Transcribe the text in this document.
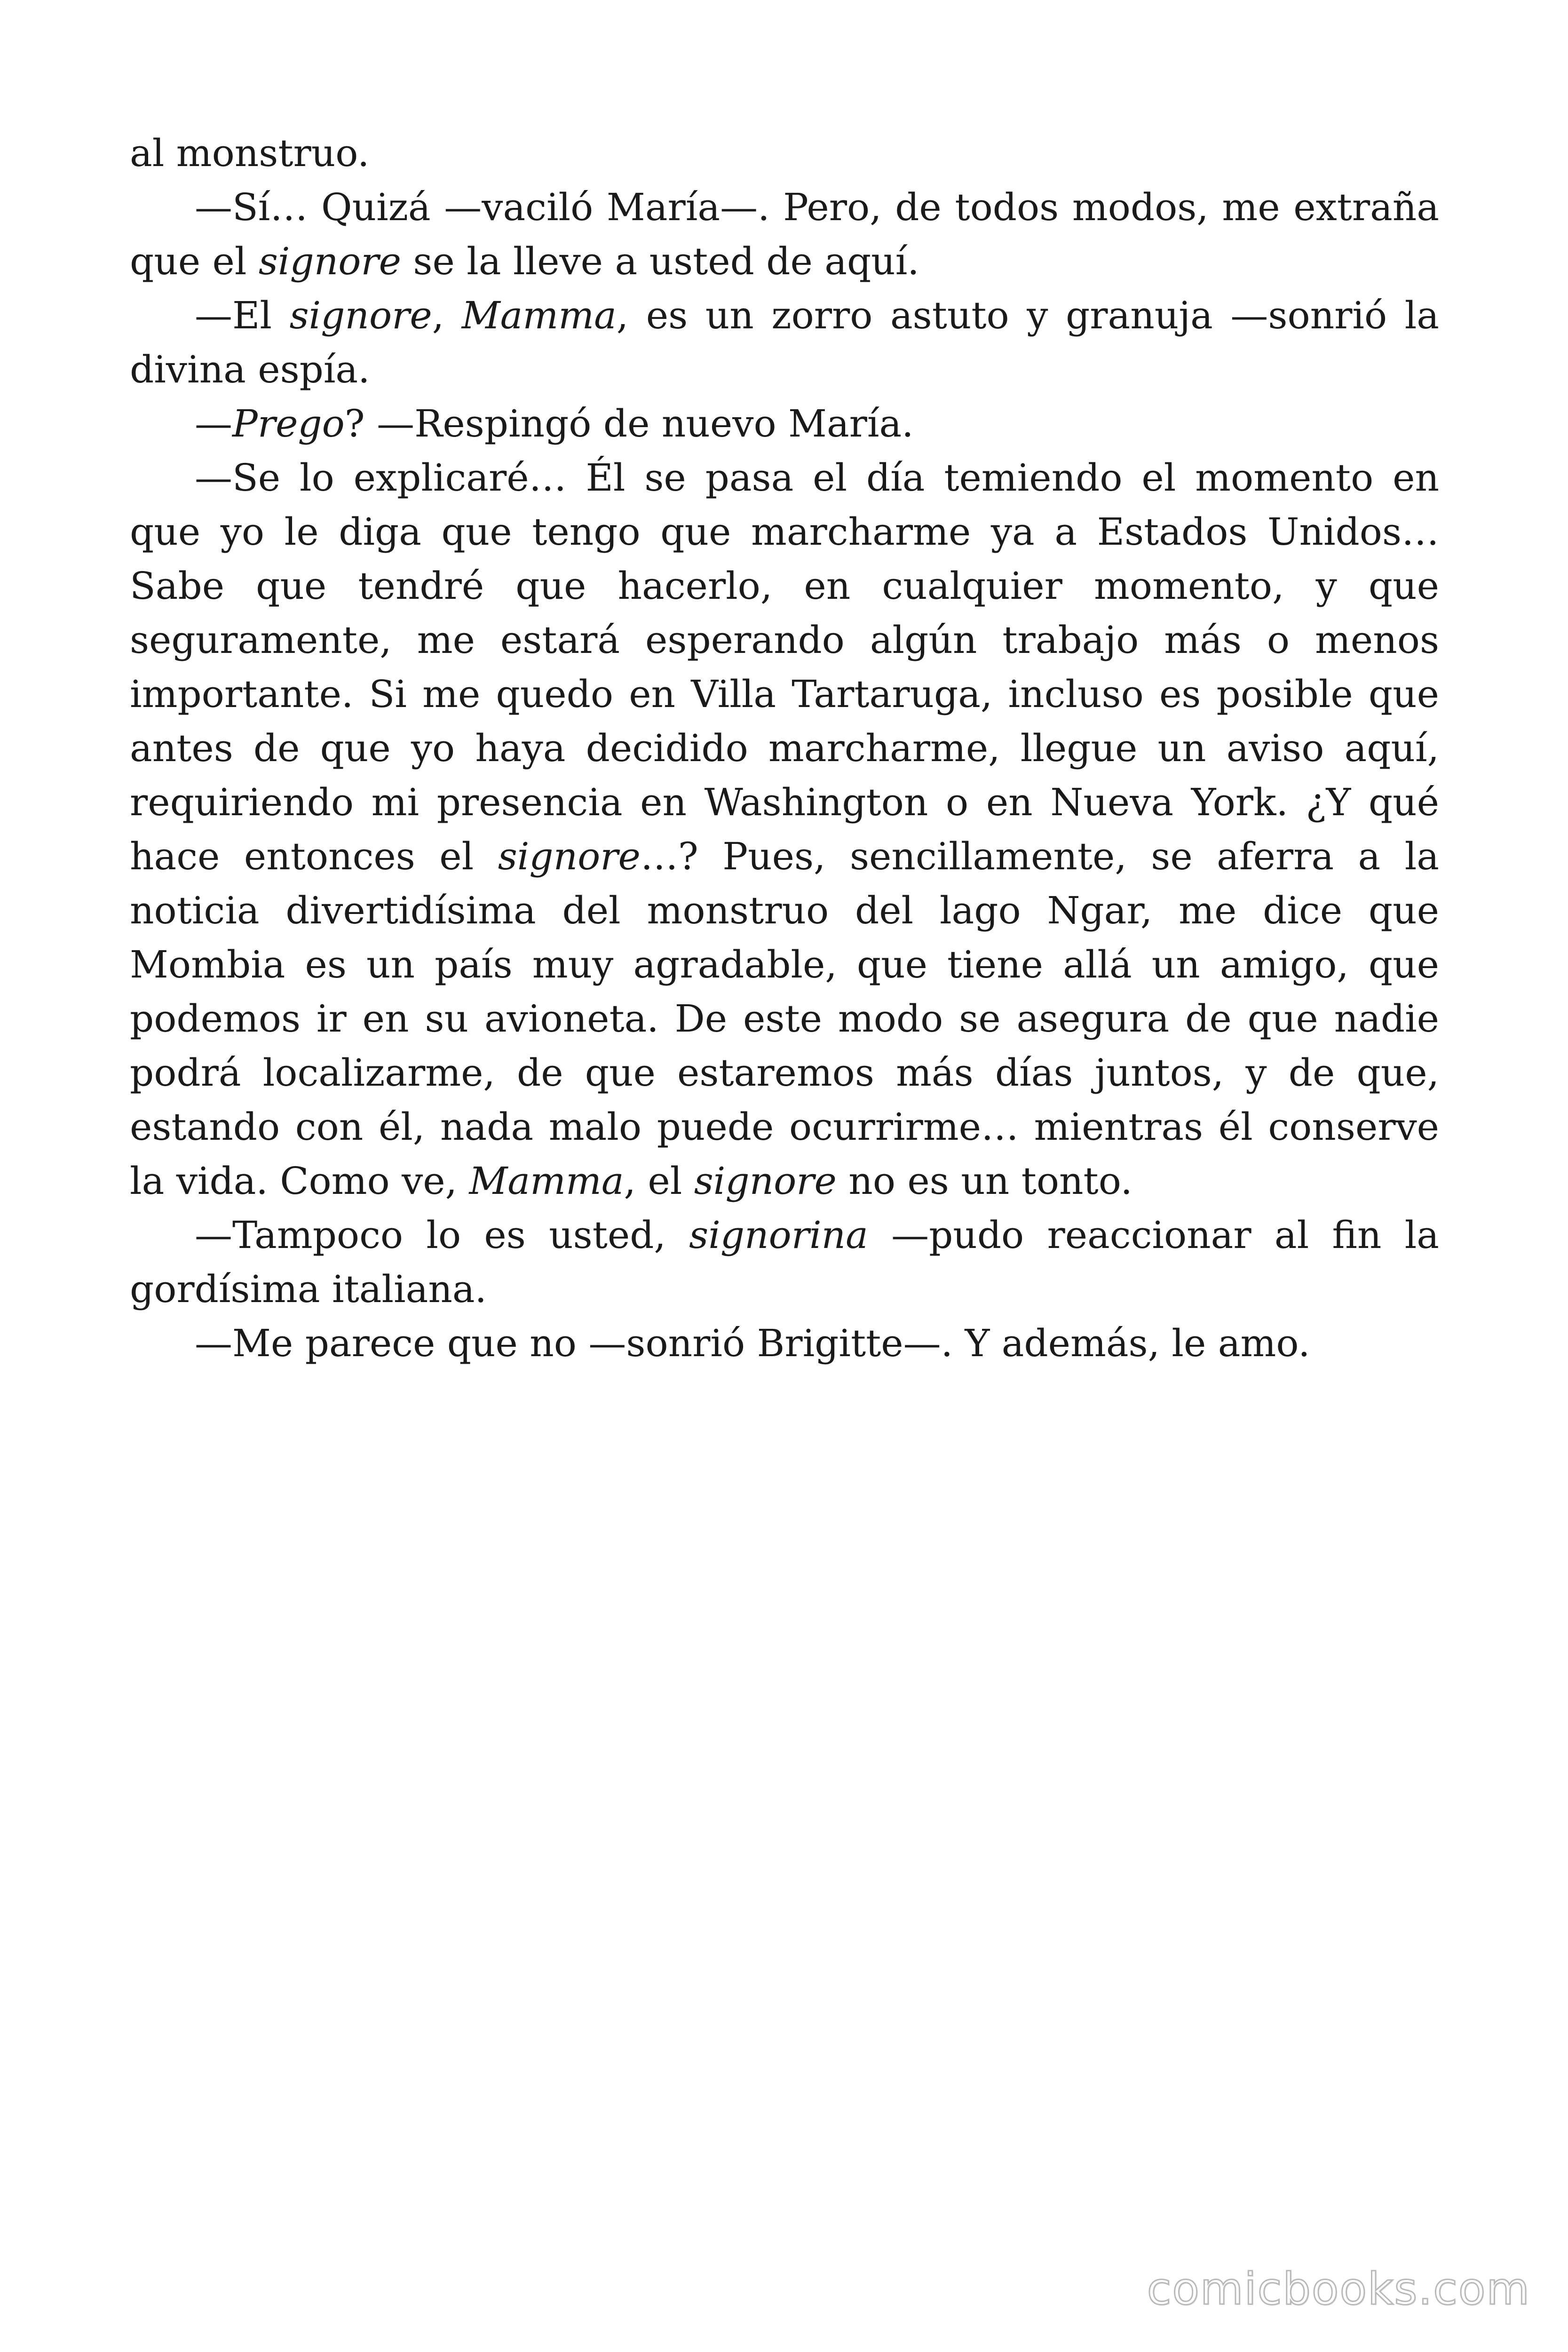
al monstruo.

—Sí… Quizá —vaciló María—. Pero, de todos modos, me extraña que el signore se la lleve a usted de aquí.

—El signore, Mamma, es un zorro astuto y granuja —sonrió la divina espía.

—Prego? —Respingó de nuevo María.

—Se lo explicaré… Él se pasa el día temiendo el momento en que yo le diga que tengo que marcharme ya a Estados Unidos… Sabe que tendré que hacerlo, en cualquier momento, y que seguramente, me estará esperando algún trabajo más o menos importante. Si me quedo en Villa Tartaruga, incluso es posible que antes de que yo haya decidido marcharme, llegue un aviso aquí, requiriendo mi presencia en Washington o en Nueva York. ¿Y qué hace entonces el signore…? Pues, sencillamente, se aferra a la noticia divertidísima del monstruo del lago Ngar, me dice que Mombia es un país muy agradable, que tiene allá un amigo, que podemos ir en su avioneta. De este modo se asegura de que nadie podrá localizarme, de que estaremos más días juntos, y de que, estando con él, nada malo puede ocurrirme… mientras él conserve la vida. Como ve, Mamma, el signore no es un tonto.

—Tampoco lo es usted, signorina —pudo reaccionar al fin la gordísima italiana.

—Me parece que no —sonrió Brigitte—. Y además, le amo.

comicbooks.com
